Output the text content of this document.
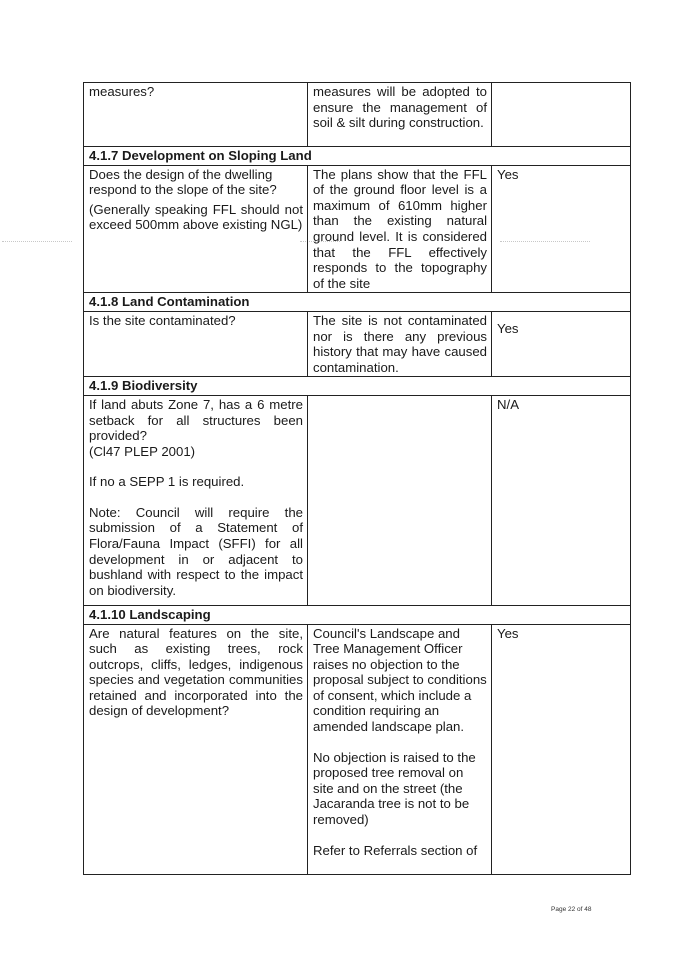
measures?	measures will be adopted to ensure the management of soil & silt during construction.	
4.1.7 Development on Sloping Land		
Does the design of the dwelling respond to the slope of the site?
(Generally speaking FFL should not exceed 500mm above existing NGL)	The plans show that the FFL of the ground floor level is a maximum of 610mm higher than the existing natural ground level. It is considered that the FFL effectively responds to the topography of the site	Yes
4.1.8 Land Contamination		
Is the site contaminated?	The site is not contaminated nor is there any previous history that may have caused contamination.	Yes
4.1.9 Biodiversity		
If land abuts Zone 7, has a 6 metre setback for all structures been provided?
(Cl47 PLEP 2001)
If no a SEPP 1 is required.
Note: Council will require the submission of a Statement of Flora/Fauna Impact (SFFI) for all development in or adjacent to bushland with respect to the impact on biodiversity.		N/A
4.1.10 Landscaping		
Are natural features on the site, such as existing trees, rock outcrops, cliffs, ledges, indigenous species and vegetation communities retained and incorporated into the design of development?	Council's Landscape and Tree Management Officer raises no objection to the proposal subject to conditions of consent, which include a condition requiring an amended landscape plan.
No objection is raised to the proposed tree removal on site and on the street (the Jacaranda tree is not to be removed)
Refer to Referrals section of	Yes
Page 22 of 48
